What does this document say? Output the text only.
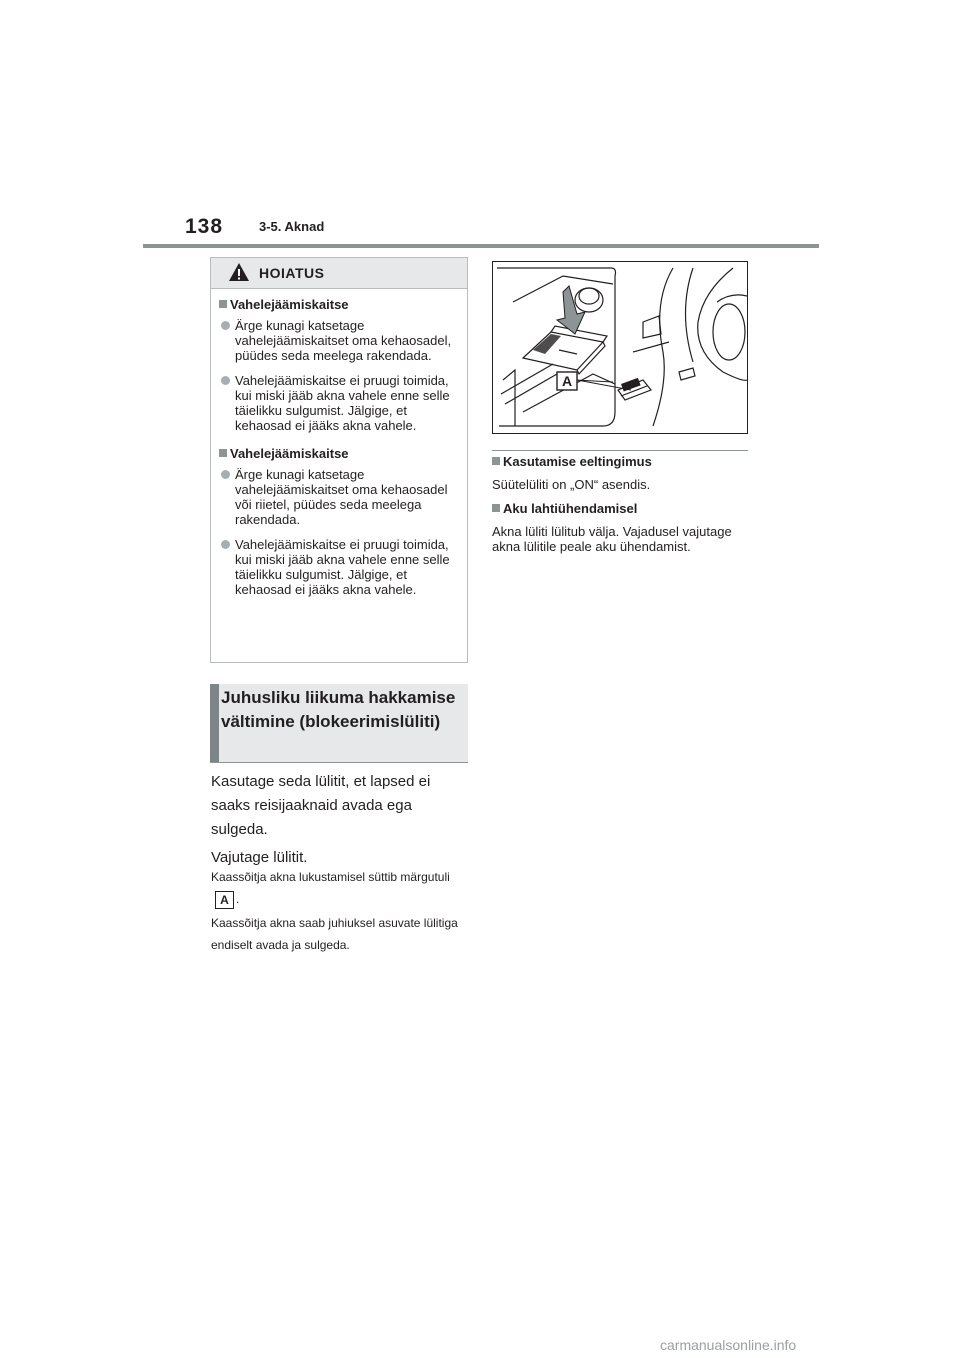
138	3-5. Aknad
HOIATUS
Vahelejäämiskaitse
Ärge kunagi katsetage vahelejäämiskaitset oma kehaosadel, püüdes seda meelega rakendada.
Vahelejäämiskaitse ei pruugi toimida, kui miski jääb akna vahele enne selle täielikku sulgumist. Jälgige, et kehaosad ei jääks akna vahele.
Vahelejäämiskaitse
Ärge kunagi katsetage vahelejäämiskaitset oma kehaosadel või riietel, püüdes seda meelega rakendada.
Vahelejäämiskaitse ei pruugi toimida, kui miski jääb akna vahele enne selle täielikku sulgumist. Jälgige, et kehaosad ei jääks akna vahele.
Juhusliku liikuma hakkamise vältimine (blokeerimislüliti)

Kasutage seda lülitit, et lapsed ei saaks reisijaaknaid avada ega sulgeda.

Vajutage lülitit.

Kaassõitja akna lukustamisel süttib märgutuliA .

Kaassõitja akna saab juhiuksel asuvate lülitiga endiselt avada ja sulgeda.

A
Kasutamise eeltingimus

Süütelüliti on „ON“ asendis.

Aku lahtiühendamisel

Akna lüliti lülitub välja. Vajadusel vajutage akna lülitile peale aku ühendamist.

carmanualsonline.info
